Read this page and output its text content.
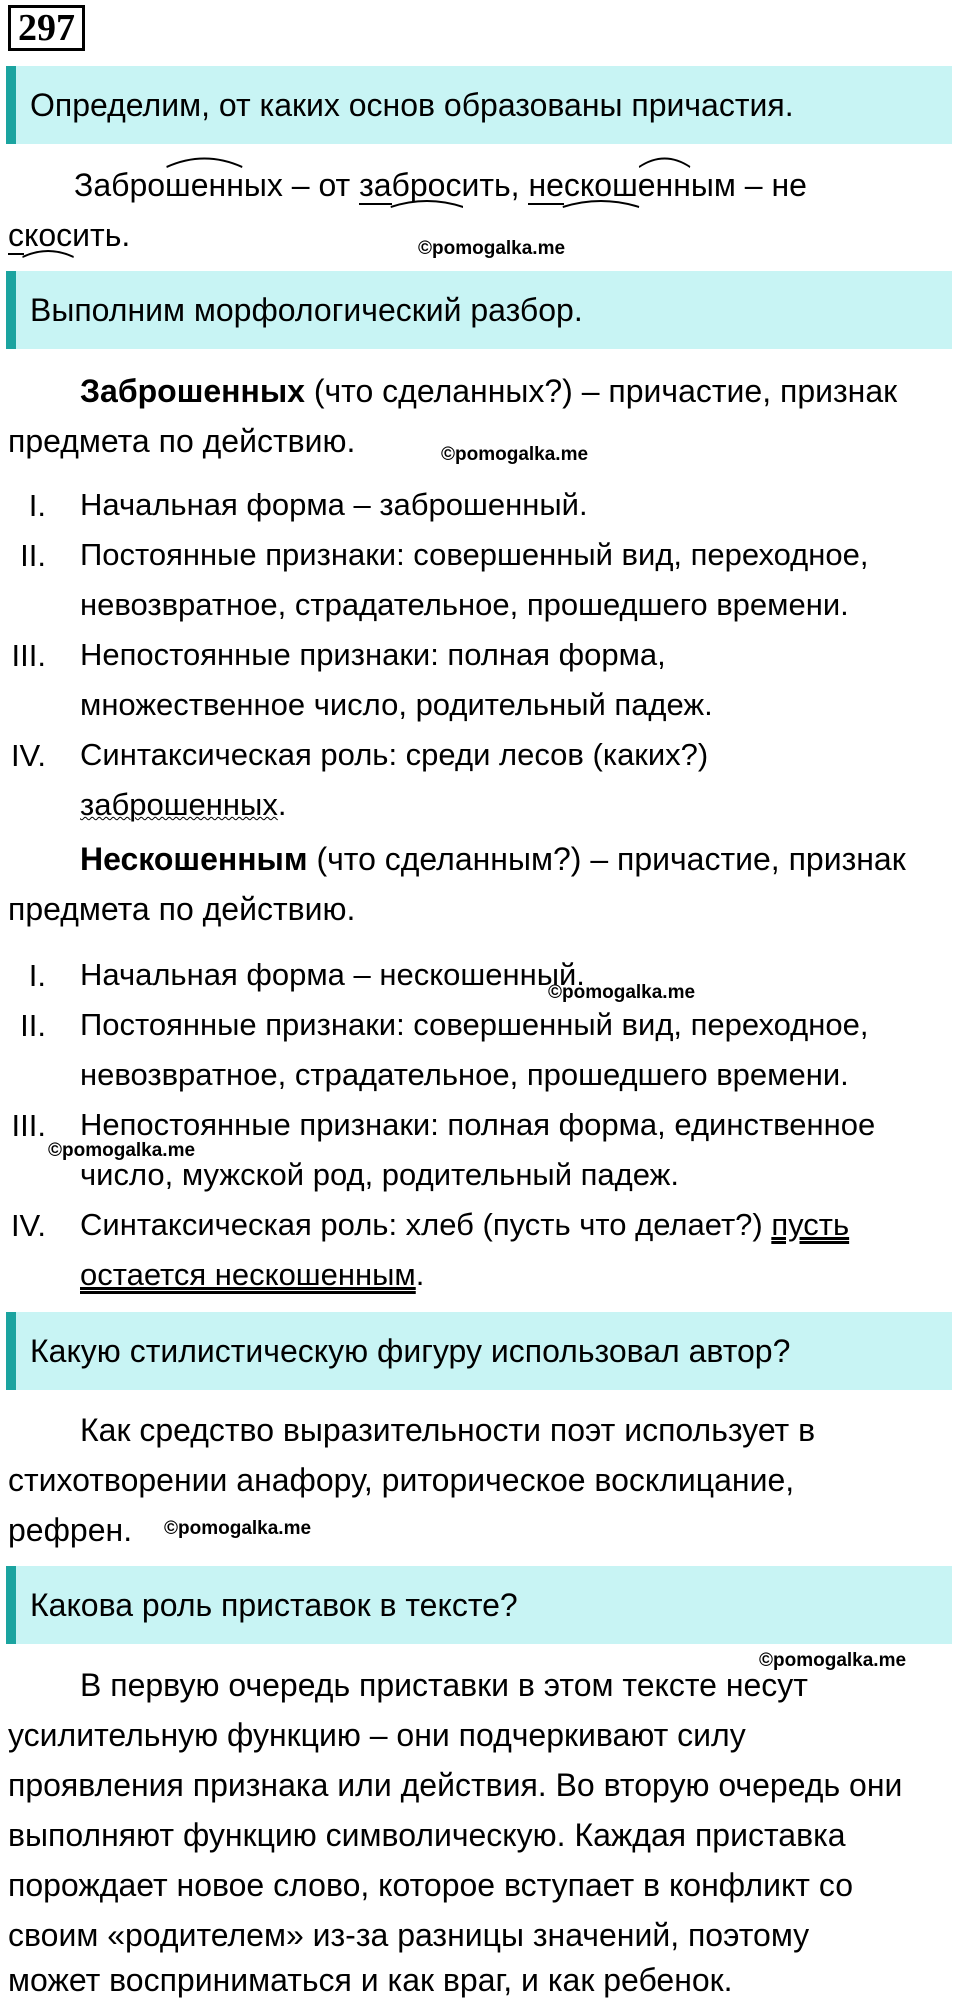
297
Определим, от каких основ образованы причастия.
Забро
шенных – от за
бросить, не
скош
енным – не
с
косить.	©pomogalka.me
Выполним морфологический разбор.
Заброшенных (что сделанных?) – причастие, признак
предмета по действию.	©pomogalka.me
I. Начальная форма – заброшенный.
II. Постоянные признаки: совершенный вид, переходное,
невозвратное, страдательное, прошедшего времени.
III. Непостоянные признаки: полная форма,
множественное число, родительный падеж.
IV. Синтаксическая роль: среди лесов (каких?)
заброшенных.
Нескошенным (что сделанным?) – причастие, признак
предмета по действию.
I. Начальная форма – нескошенный.
©pomogalka.me
II. Постоянные признаки: совершенный вид, переходное,
невозвратное, страдательное, прошедшего времени.
III. Непостоянные признаки: полная форма, единственное
©pomogalka.me
число, мужской род, родительный падеж.
IV. Синтаксическая роль: хлеб (пусть что делает?) пусть
остается нескошенным.
Какую стилистическую фигуру использовал автор?
Как средство выразительности поэт использует в
стихотворении анафору, риторическое восклицание,
рефрен. ©pomogalka.me
Какова роль приставок в тексте?
©pomogalka.me
В первую очередь приставки в этом тексте несут
усилительную функцию – они подчеркивают силу
проявления признака или действия. Во вторую очередь они
выполняют функцию символическую. Каждая приставка
порождает новое слово, которое вступает в конфликт со
своим «родителем» из-за разницы значений, поэтому
может восприниматься и как враг, и как ребенок.
